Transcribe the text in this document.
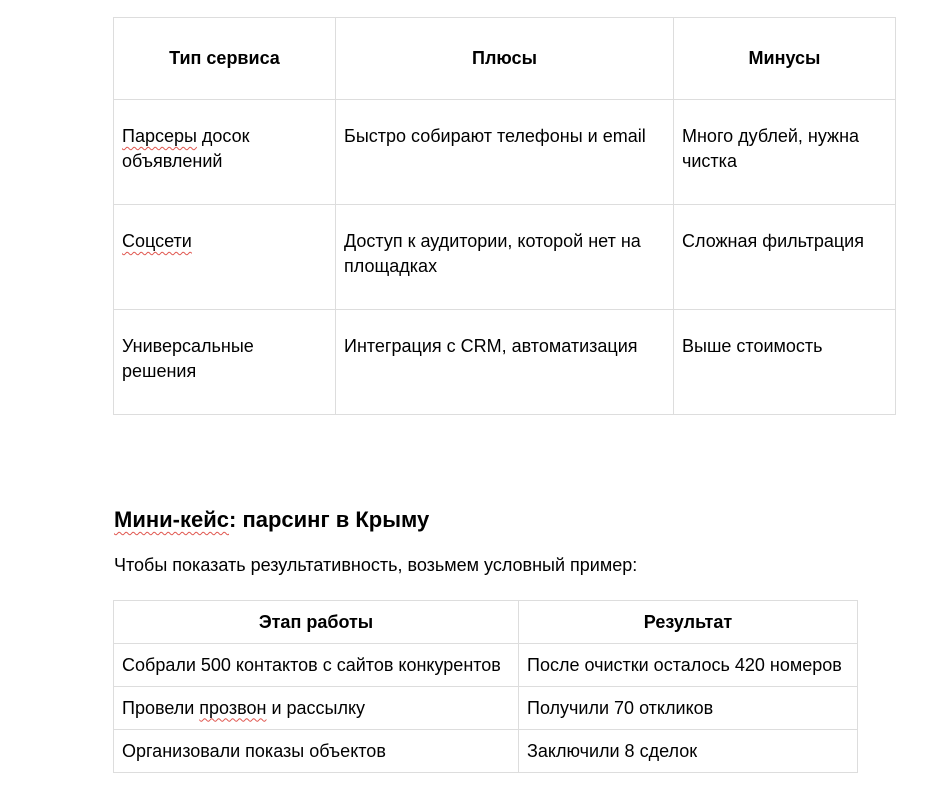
Тип сервиса	Плюсы	Минусы
Парсеры досок объявлений	Быстро собирают телефоны и email	Много дублей, нужна чистка
Соцсети	Доступ к аудитории, которой нет на площадках	Сложная фильтрация
Универсальные решения	Интеграция с CRM, автоматизация	Выше стоимость
Мини-кейс: парсинг в Крыму

Чтобы показать результативность, возьмем условный пример:

Этап работы	Результат
Собрали 500 контактов с сайтов конкурентов	После очистки осталось 420 номеров
Провели прозвон и рассылку	Получили 70 откликов
Организовали показы объектов	Заключили 8 сделок
